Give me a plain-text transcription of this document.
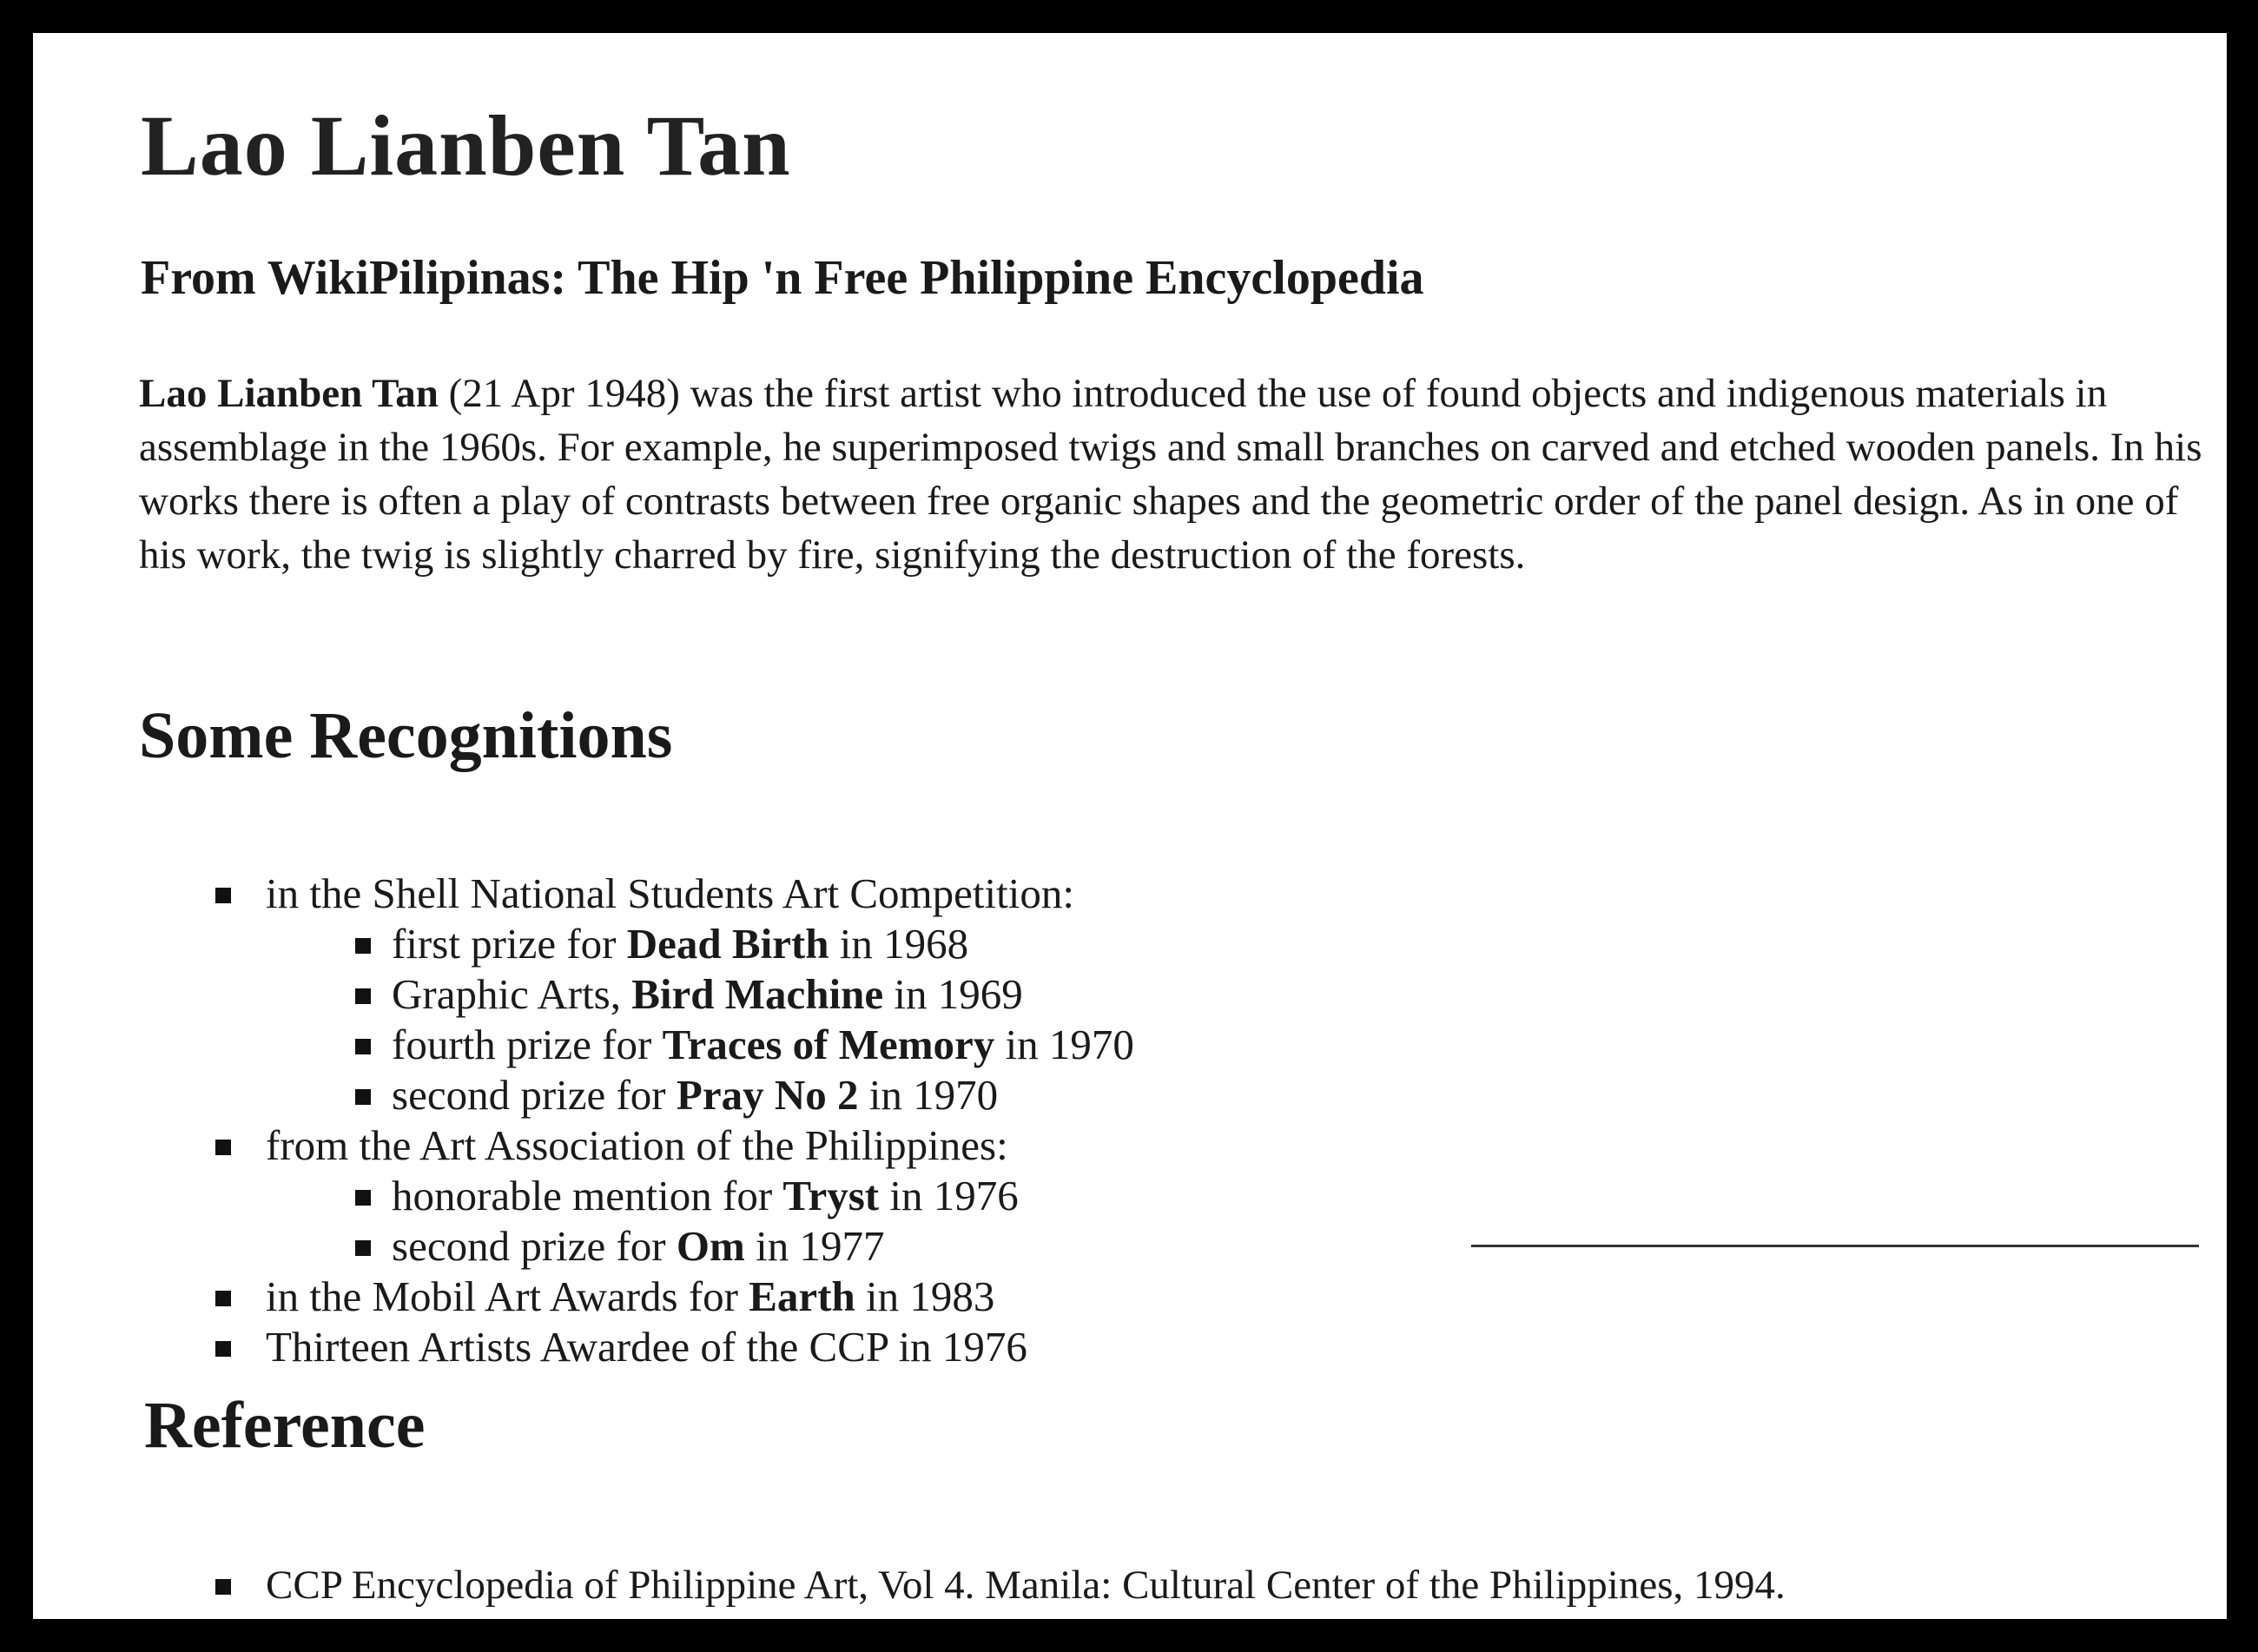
Lao Lianben Tan
From WikiPilipinas: The Hip 'n Free Philippine Encyclopedia

Lao Lianben Tan (21 Apr 1948) was the first artist who introduced the use of found objects and indigenous materials in assemblage in the 1960s. For example, he superimposed twigs and small branches on carved and etched wooden panels. In his works there is often a play of contrasts between free organic shapes and the geometric order of the panel design. As in one of his work, the twig is slightly charred by fire, signifying the destruction of the forests.

Some Recognitions
in the Shell National Students Art Competition:
first prize for Dead Birth in 1968
Graphic Arts, Bird Machine in 1969
fourth prize for Traces of Memory in 1970
second prize for Pray No 2 in 1970
from the Art Association of the Philippines:
honorable mention for Tryst in 1976
second prize for Om in 1977
in the Mobil Art Awards for Earth in 1983
Thirteen Artists Awardee of the CCP in 1976
Reference
CCP Encyclopedia of Philippine Art, Vol 4. Manila: Cultural Center of the Philippines, 1994.
